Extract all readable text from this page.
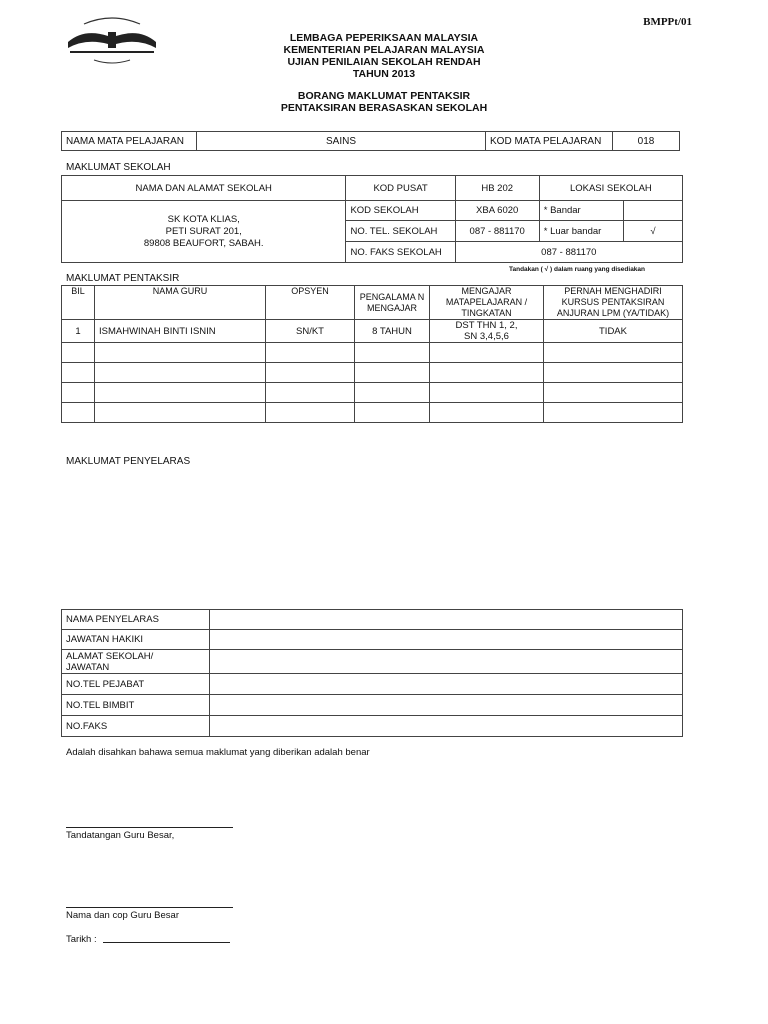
BMPPt/01
LEMBAGA PEPERIKSAAN MALAYSIA
KEMENTERIAN PELAJARAN MALAYSIA
UJIAN PENILAIAN SEKOLAH RENDAH
TAHUN 2013
BORANG MAKLUMAT PENTAKSIR
PENTAKSIRAN BERASASKAN SEKOLAH
NAMA MATA PELAJARAN	SAINS	KOD MATA PELAJARAN	018
MAKLUMAT SEKOLAH
NAMA DAN ALAMAT SEKOLAH	KOD PUSAT	HB 202	LOKASI SEKOLAH	

SK KOTA KLIAS,
PETI SURAT 201,
89808 BEAUFORT, SABAH.	KOD SEKOLAH	XBA 6020	* Bandar	
	NO. TEL. SEKOLAH	087 - 881170	* Luar bandar	√
	NO. FAKS SEKOLAH	087 - 881170		
Tandakan ( √ ) dalam ruang yang disediakan
MAKLUMAT PENTAKSIR
BIL	NAMA GURU	OPSYEN	PENGALAMA N MENGAJAR	MENGAJAR MATAPELAJARAN / TINGKATAN	PERNAH MENGHADIRI KURSUS PENTAKSIRAN ANJURAN LPM (YA/TIDAK)
1	ISMAHWINAH BINTI ISNIN	SN/KT	8 TAHUN	DST THN 1, 2,
SN 3,4,5,6	TIDAK

MAKLUMAT PENYELARAS
NAMA PENYELARAS	
JAWATAN HAKIKI	

ALAMAT SEKOLAH/
JAWATAN	

NO.TEL PEJABAT	
NO.TEL BIMBIT	
NO.FAKS	
Adalah disahkan bahawa semua maklumat yang diberikan adalah benar
Tandatangan Guru Besar,
Nama dan cop Guru Besar
Tarikh :
